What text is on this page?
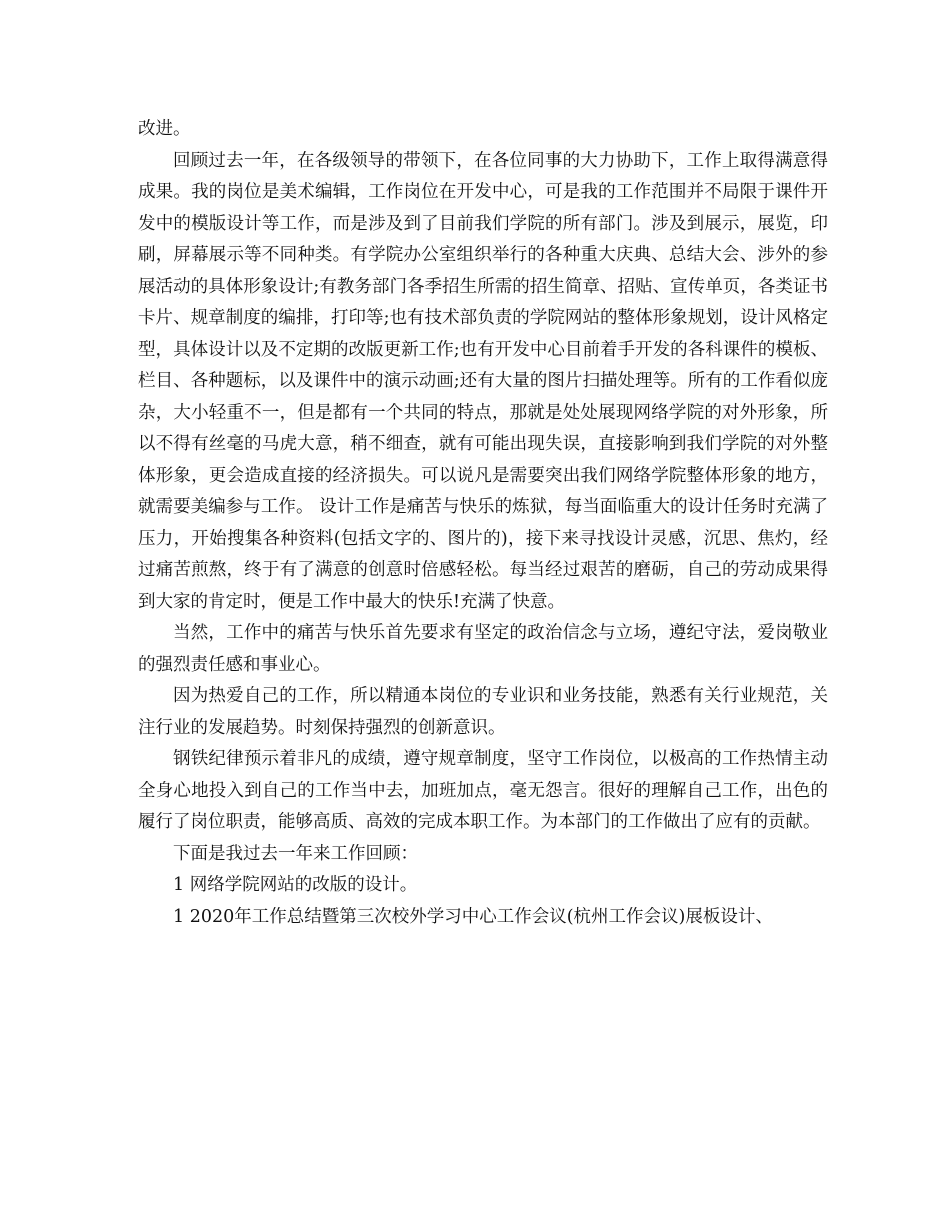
改进。

回顾过去一年，在各级领导的带领下，在各位同事的大力协助下，工作上取得满意得成果。我的岗位是美术编辑，工作岗位在开发中心，可是我的工作范围并不局限于课件开发中的模版设计等工作，而是涉及到了目前我们学院的所有部门。涉及到展示，展览，印刷，屏幕展示等不同种类。有学院办公室组织举行的各种重大庆典、总结大会、涉外的参展活动的具体形象设计;有教务部门各季招生所需的招生简章、招贴、宣传单页，各类证书卡片、规章制度的编排，打印等;也有技术部负责的学院网站的整体形象规划，设计风格定型，具体设计以及不定期的改版更新工作;也有开发中心目前着手开发的各科课件的模板、栏目、各种题标，以及课件中的演示动画;还有大量的图片扫描处理等。所有的工作看似庞杂，大小轻重不一，但是都有一个共同的特点，那就是处处展现网络学院的对外形象，所以不得有丝毫的马虎大意，稍不细查，就有可能出现失误，直接影响到我们学院的对外整体形象，更会造成直接的经济损失。可以说凡是需要突出我们网络学院整体形象的地方，就需要美编参与工作。 设计工作是痛苦与快乐的炼狱，每当面临重大的设计任务时充满了压力，开始搜集各种资料(包括文字的、图片的)，接下来寻找设计灵感，沉思、焦灼，经过痛苦煎熬，终于有了满意的创意时倍感轻松。每当经过艰苦的磨砺，自己的劳动成果得到大家的肯定时，便是工作中最大的快乐!充满了快意。

当然，工作中的痛苦与快乐首先要求有坚定的政治信念与立场，遵纪守法，爱岗敬业的强烈责任感和事业心。

因为热爱自己的工作，所以精通本岗位的专业识和业务技能，熟悉有关行业规范，关注行业的发展趋势。时刻保持强烈的创新意识。

钢铁纪律预示着非凡的成绩，遵守规章制度，坚守工作岗位，以极高的工作热情主动全身心地投入到自己的工作当中去，加班加点，毫无怨言。很好的理解自己工作，出色的履行了岗位职责，能够高质、高效的完成本职工作。为本部门的工作做出了应有的贡献。

下面是我过去一年来工作回顾：

1 网络学院网站的改版的设计。

1 2020年工作总结暨第三次校外学习中心工作会议(杭州工作会议)展板设计、
